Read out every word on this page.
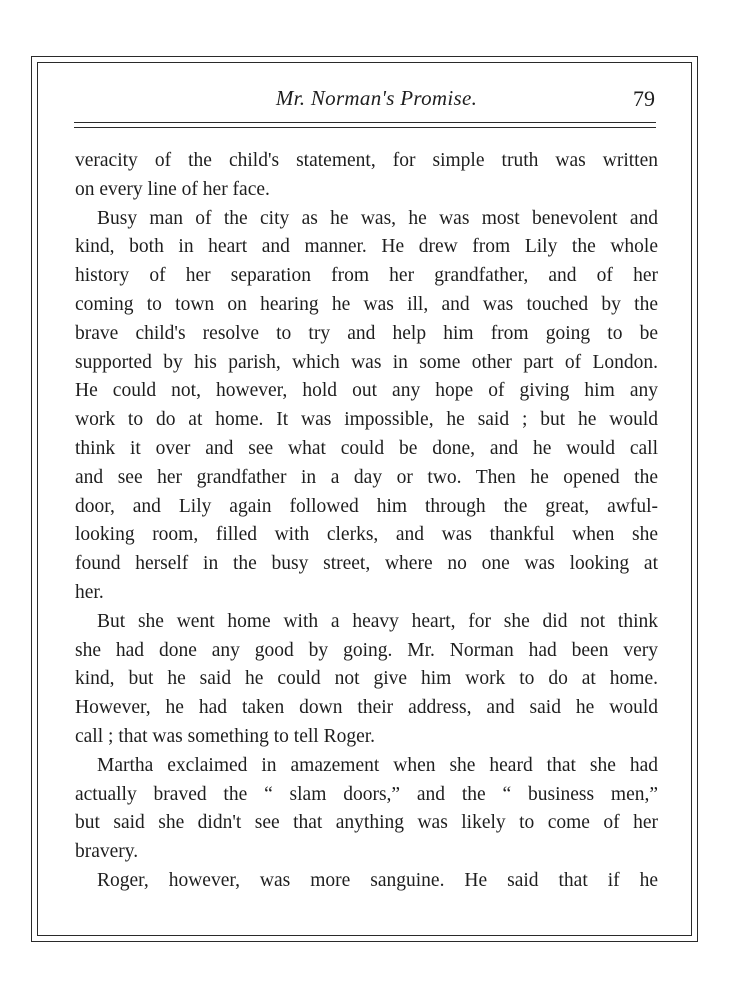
Mr. Norman's Promise.	79
veracity of the child's statement, for simple truth was written
on every line of her face.
Busy man of the city as he was, he was most benevolent and
kind, both in heart and manner. He drew from Lily the whole
history of her separation from her grandfather, and of her
coming to town on hearing he was ill, and was touched by the
brave child's resolve to try and help him from going to be
supported by his parish, which was in some other part of London.
He could not, however, hold out any hope of giving him any
work to do at home. It was impossible, he said ; but he would
think it over and see what could be done, and he would call
and see her grandfather in a day or two. Then he opened the
door, and Lily again followed him through the great, awful-
looking room, filled with clerks, and was thankful when she
found herself in the busy street, where no one was looking at
her.
But she went home with a heavy heart, for she did not think
she had done any good by going. Mr. Norman had been very
kind, but he said he could not give him work to do at home.
However, he had taken down their address, and said he would
call ; that was something to tell Roger.
Martha exclaimed in amazement when she heard that she had
actually braved the “ slam doors,” and the “ business men,”
but said she didn't see that anything was likely to come of her
bravery.
Roger, however, was more sanguine. He said that if he
